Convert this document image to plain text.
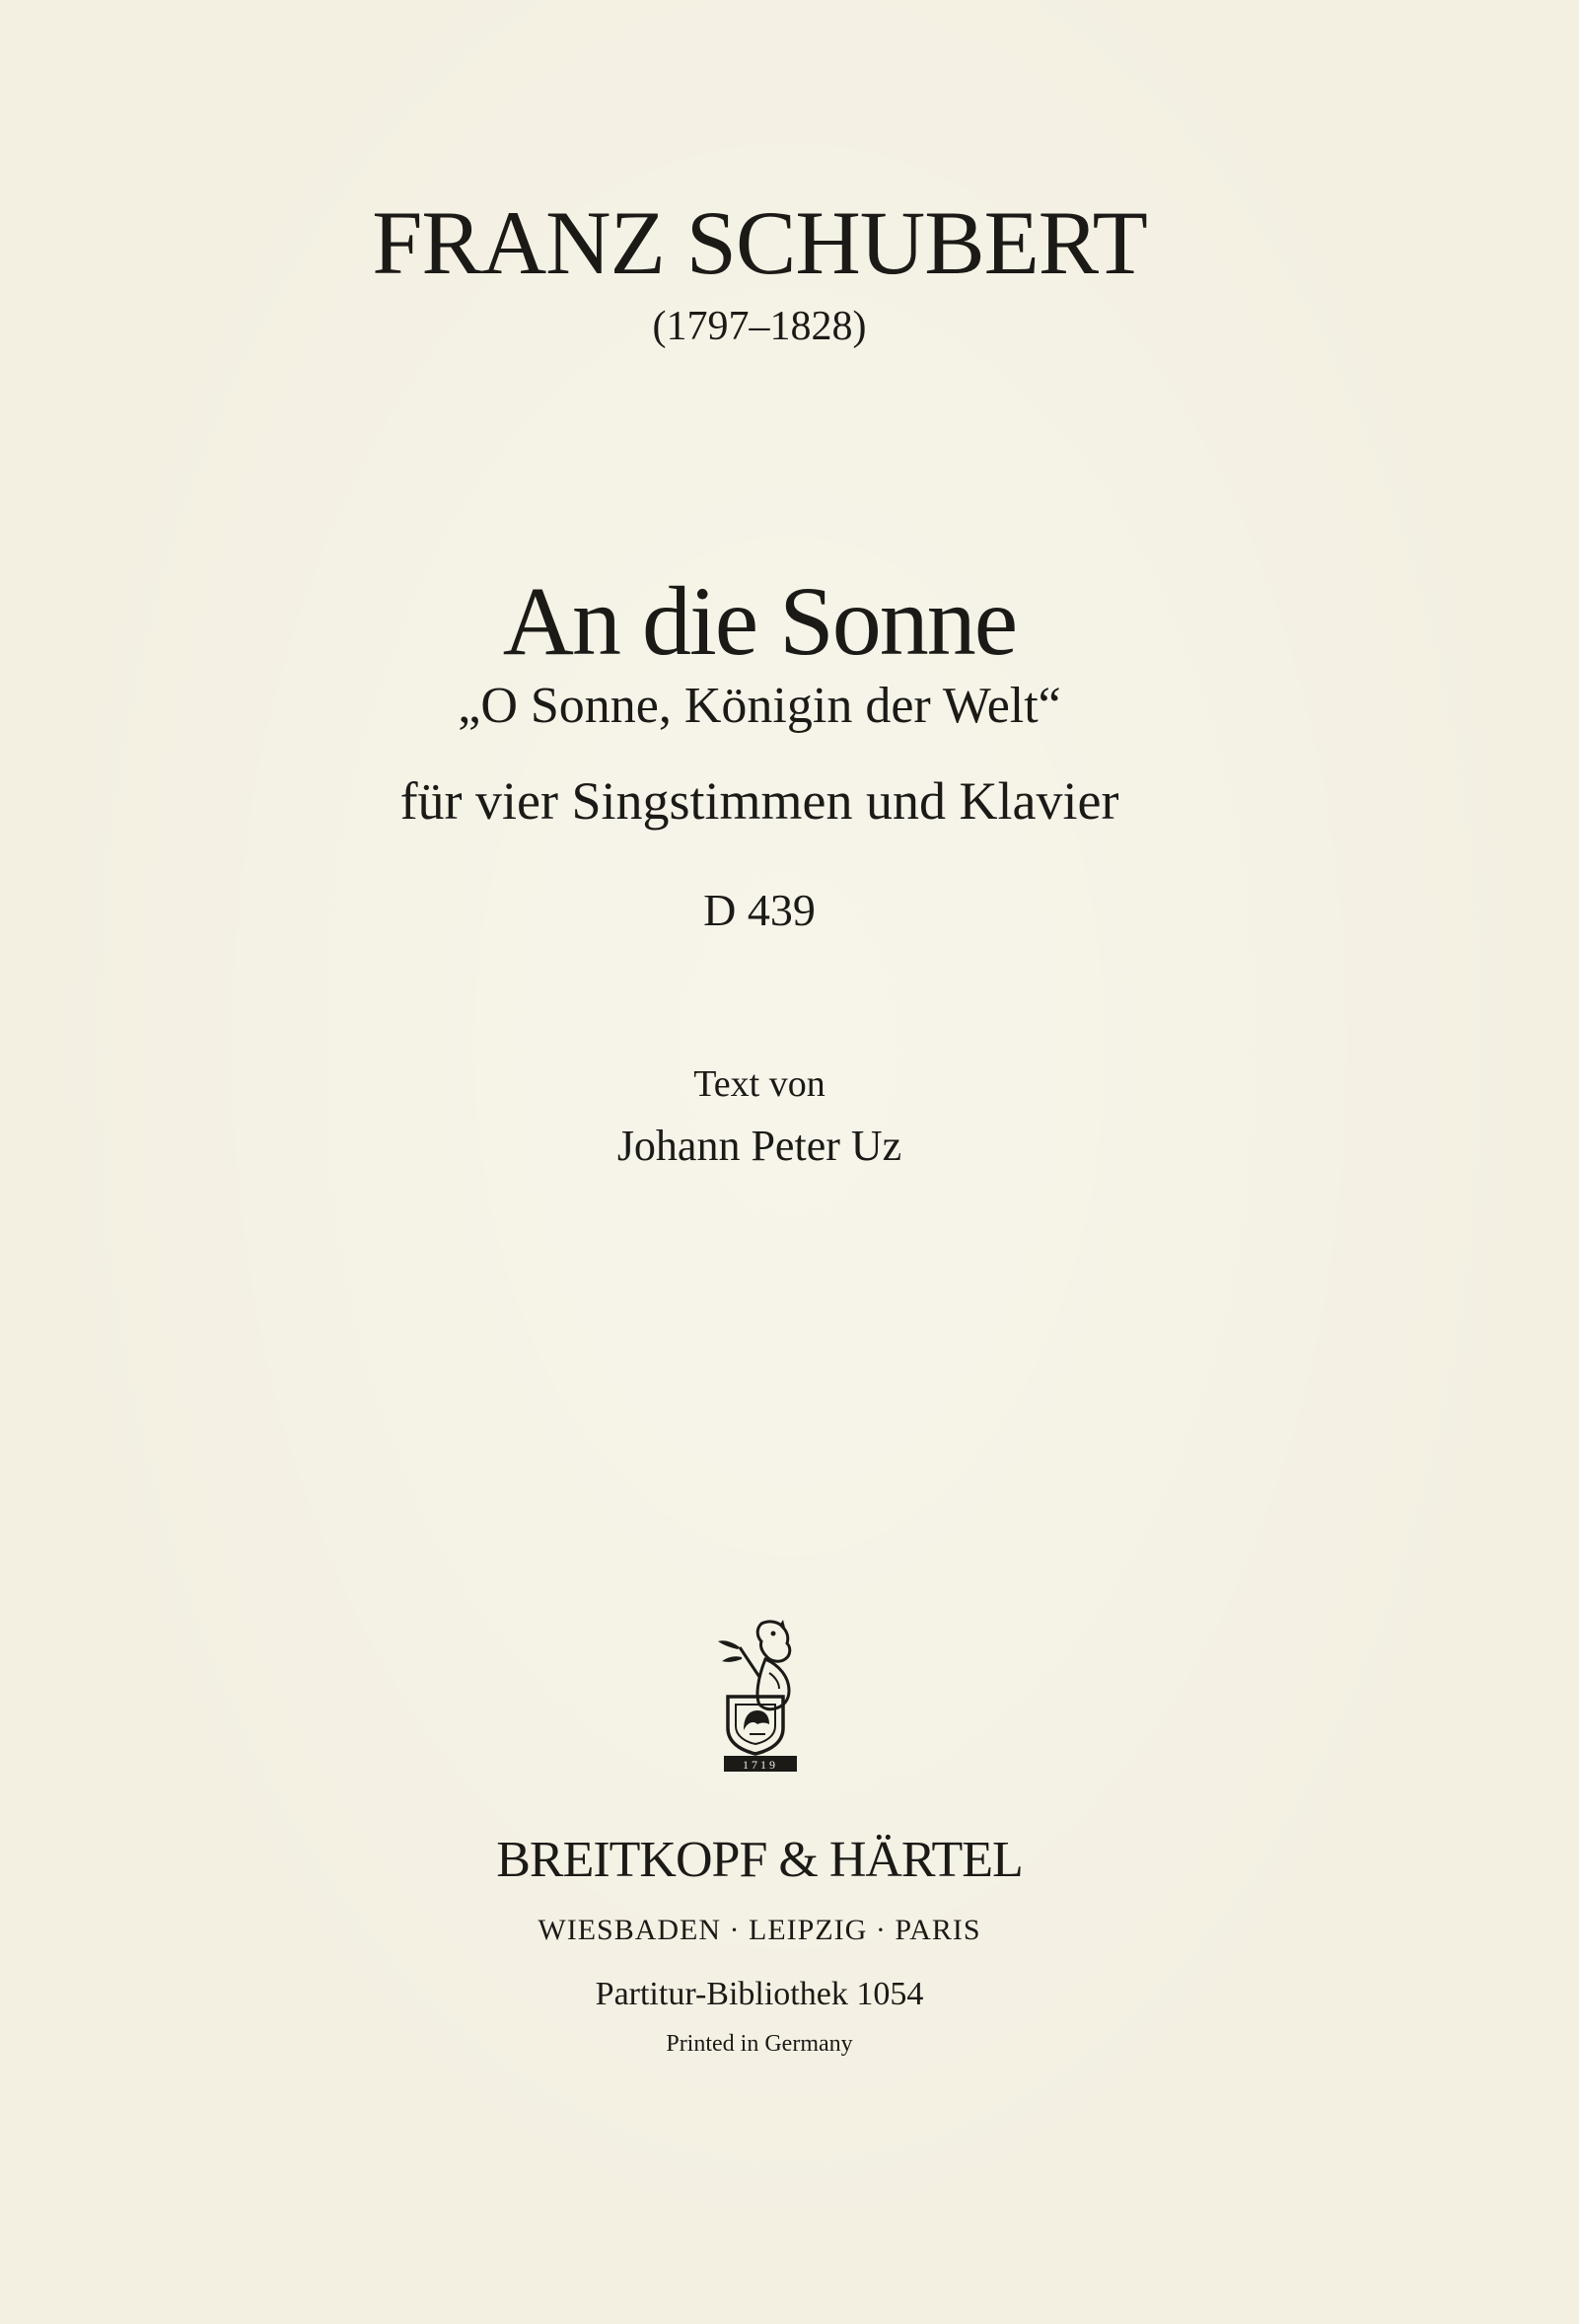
FRANZ SCHUBERT
(1797–1828)
An die Sonne
„O Sonne, Königin der Welt“
für vier Singstimmen und Klavier
D 439
Text von
Johann Peter Uz
1719
BREITKOPF & HÄRTEL
WIESBADEN · LEIPZIG · PARIS
Partitur-Bibliothek 1054
Printed in Germany
